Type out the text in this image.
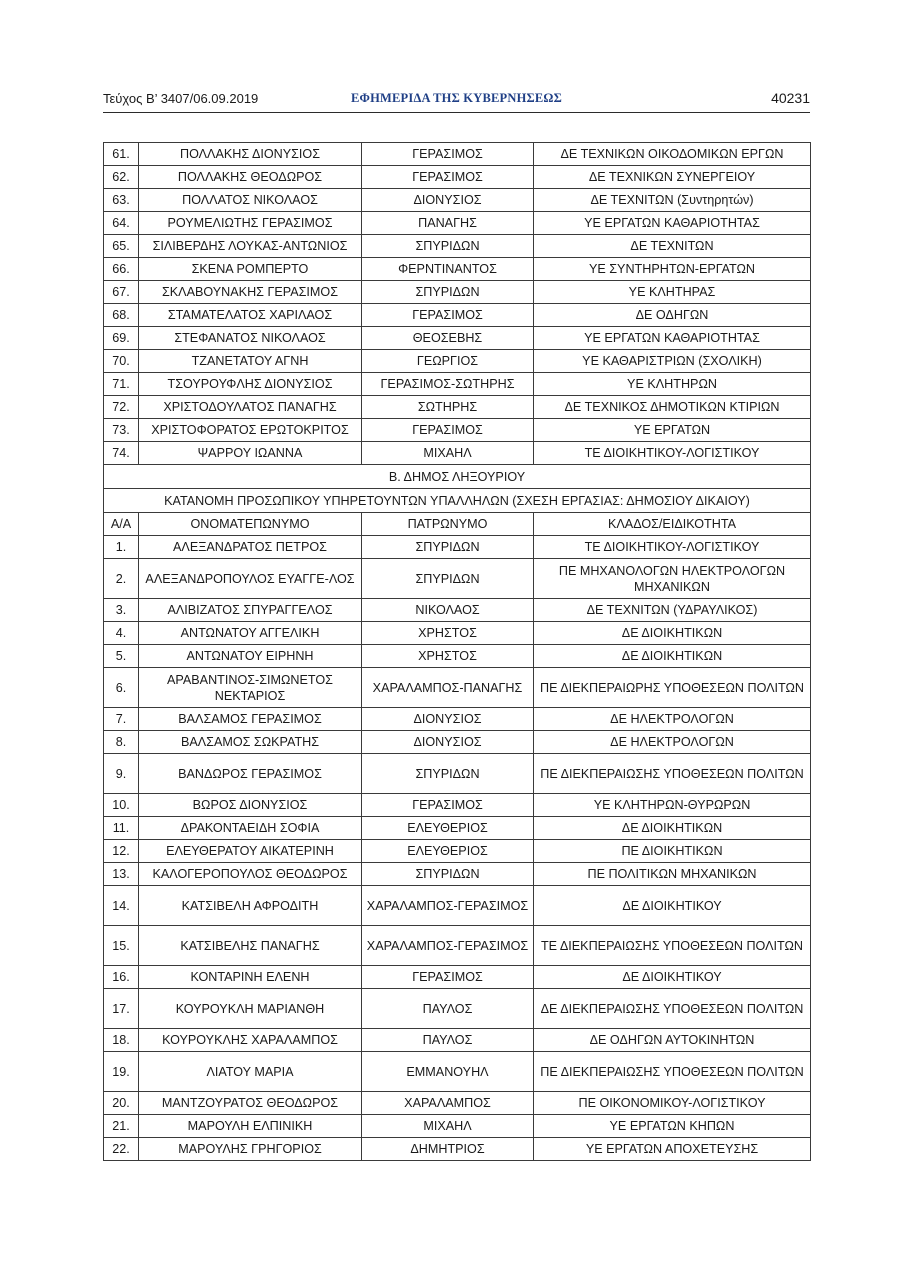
Τεύχος Β’ 3407/06.09.2019	ΕΦΗΜΕΡΙΔΑ ΤΗΣ ΚΥΒΕΡΝΗΣΕΩΣ	40231
61.	ΠΟΛΛΑΚΗΣ ΔΙΟΝΥΣΙΟΣ	ΓΕΡΑΣΙΜΟΣ	ΔΕ ΤΕΧΝΙΚΩΝ ΟΙΚΟΔΟΜΙΚΩΝ ΕΡΓΩΝ
62.	ΠΟΛΛΑΚΗΣ ΘΕΟΔΩΡΟΣ	ΓΕΡΑΣΙΜΟΣ	ΔΕ ΤΕΧΝΙΚΩΝ ΣΥΝΕΡΓΕΙΟΥ
63.	ΠΟΛΛΑΤΟΣ ΝΙΚΟΛΑΟΣ	ΔΙΟΝΥΣΙΟΣ	ΔΕ ΤΕΧΝΙΤΩΝ (Συντηρητών)
64.	ΡΟΥΜΕΛΙΩΤΗΣ ΓΕΡΑΣΙΜΟΣ	ΠΑΝΑΓΗΣ	ΥΕ ΕΡΓΑΤΩΝ ΚΑΘΑΡΙΟΤΗΤΑΣ
65.	ΣΙΛΙΒΕΡΔΗΣ ΛΟΥΚΑΣ-ΑΝΤΩΝΙΟΣ	ΣΠΥΡΙΔΩΝ	ΔΕ ΤΕΧΝΙΤΩΝ
66.	ΣΚΕΝΑ ΡΟΜΠΕΡΤΟ	ΦΕΡΝΤΙΝΑΝΤΟΣ	ΥΕ ΣΥΝΤΗΡΗΤΩΝ-ΕΡΓΑΤΩΝ
67.	ΣΚΛΑΒΟΥΝΑΚΗΣ ΓΕΡΑΣΙΜΟΣ	ΣΠΥΡΙΔΩΝ	ΥΕ ΚΛΗΤΗΡΑΣ
68.	ΣΤΑΜΑΤΕΛΑΤΟΣ ΧΑΡΙΛΑΟΣ	ΓΕΡΑΣΙΜΟΣ	ΔΕ ΟΔΗΓΩΝ
69.	ΣΤΕΦΑΝΑΤΟΣ ΝΙΚΟΛΑΟΣ	ΘΕΟΣΕΒΗΣ	ΥΕ ΕΡΓΑΤΩΝ ΚΑΘΑΡΙΟΤΗΤΑΣ
70.	ΤΖΑΝΕΤΑΤΟΥ ΑΓΝΗ	ΓΕΩΡΓΙΟΣ	ΥΕ ΚΑΘΑΡΙΣΤΡΙΩΝ (ΣΧΟΛΙΚΗ)
71.	ΤΣΟΥΡΟΥΦΛΗΣ ΔΙΟΝΥΣΙΟΣ	ΓΕΡΑΣΙΜΟΣ-ΣΩΤΗΡΗΣ	ΥΕ ΚΛΗΤΗΡΩΝ
72.	ΧΡΙΣΤΟΔΟΥΛΑΤΟΣ ΠΑΝΑΓΗΣ	ΣΩΤΗΡΗΣ	ΔΕ ΤΕΧΝΙΚΟΣ ΔΗΜΟΤΙΚΩΝ ΚΤΙΡΙΩΝ
73.	ΧΡΙΣΤΟΦΟΡΑΤΟΣ ΕΡΩΤΟΚΡΙΤΟΣ	ΓΕΡΑΣΙΜΟΣ	ΥΕ ΕΡΓΑΤΩΝ
74.	ΨΑΡΡΟΥ ΙΩΑΝΝΑ	ΜΙΧΑΗΛ	ΤΕ ΔΙΟΙΚΗΤΙΚΟΥ-ΛΟΓΙΣΤΙΚΟΥ
Β. ΔΗΜΟΣ ΛΗΞΟΥΡΙΟΥ			
ΚΑΤΑΝΟΜΗ ΠΡΟΣΩΠΙΚΟΥ ΥΠΗΡΕΤΟΥΝΤΩΝ ΥΠΑΛΛΗΛΩΝ (ΣΧΕΣΗ ΕΡΓΑΣΙΑΣ: ΔΗΜΟΣΙΟΥ ΔΙΚΑΙΟΥ)			
Α/Α	ΟΝΟΜΑΤΕΠΩΝΥΜΟ	ΠΑΤΡΩΝΥΜΟ	ΚΛΑΔΟΣ/ΕΙΔΙΚΟΤΗΤΑ
1.	ΑΛΕΞΑΝΔΡΑΤΟΣ ΠΕΤΡΟΣ	ΣΠΥΡΙΔΩΝ	ΤΕ ΔΙΟΙΚΗΤΙΚΟΥ-ΛΟΓΙΣΤΙΚΟΥ
2.	ΑΛΕΞΑΝΔΡΟΠΟΥΛΟΣ ΕΥΑΓΓΕ-ΛΟΣ	ΣΠΥΡΙΔΩΝ	ΠΕ ΜΗΧΑΝΟΛΟΓΩΝ ΗΛΕΚΤΡΟΛΟΓΩΝ ΜΗΧΑΝΙΚΩΝ
3.	ΑΛΙΒΙΖΑΤΟΣ ΣΠΥΡΑΓΓΕΛΟΣ	ΝΙΚΟΛΑΟΣ	ΔΕ ΤΕΧΝΙΤΩΝ (ΥΔΡΑΥΛΙΚΟΣ)
4.	ΑΝΤΩΝΑΤΟΥ ΑΓΓΕΛΙΚΗ	ΧΡΗΣΤΟΣ	ΔΕ ΔΙΟΙΚΗΤΙΚΩΝ
5.	ΑΝΤΩΝΑΤΟΥ ΕΙΡΗΝΗ	ΧΡΗΣΤΟΣ	ΔΕ ΔΙΟΙΚΗΤΙΚΩΝ
6.	ΑΡΑΒΑΝΤΙΝΟΣ-ΣΙΜΩΝΕΤΟΣ ΝΕΚΤΑΡΙΟΣ	ΧΑΡΑΛΑΜΠΟΣ-ΠΑΝΑΓΗΣ	ΠΕ ΔΙΕΚΠΕΡΑΙΩΡΗΣ ΥΠΟΘΕΣΕΩΝ ΠΟΛΙΤΩΝ
7.	ΒΑΛΣΑΜΟΣ ΓΕΡΑΣΙΜΟΣ	ΔΙΟΝΥΣΙΟΣ	ΔΕ ΗΛΕΚΤΡΟΛΟΓΩΝ
8.	ΒΑΛΣΑΜΟΣ ΣΩΚΡΑΤΗΣ	ΔΙΟΝΥΣΙΟΣ	ΔΕ ΗΛΕΚΤΡΟΛΟΓΩΝ
9.	ΒΑΝΔΩΡΟΣ ΓΕΡΑΣΙΜΟΣ	ΣΠΥΡΙΔΩΝ	ΠΕ ΔΙΕΚΠΕΡΑΙΩΣΗΣ ΥΠΟΘΕΣΕΩΝ ΠΟΛΙΤΩΝ
10.	ΒΩΡΟΣ ΔΙΟΝΥΣΙΟΣ	ΓΕΡΑΣΙΜΟΣ	ΥΕ ΚΛΗΤΗΡΩΝ-ΘΥΡΩΡΩΝ
11.	ΔΡΑΚΟΝΤΑΕΙΔΗ ΣΟΦΙΑ	ΕΛΕΥΘΕΡΙΟΣ	ΔΕ ΔΙΟΙΚΗΤΙΚΩΝ
12.	ΕΛΕΥΘΕΡΑΤΟΥ ΑΙΚΑΤΕΡΙΝΗ	ΕΛΕΥΘΕΡΙΟΣ	ΠΕ ΔΙΟΙΚΗΤΙΚΩΝ
13.	ΚΑΛΟΓΕΡΟΠΟΥΛΟΣ ΘΕΟΔΩΡΟΣ	ΣΠΥΡΙΔΩΝ	ΠΕ ΠΟΛΙΤΙΚΩΝ ΜΗΧΑΝΙΚΩΝ
14.	ΚΑΤΣΙΒΕΛΗ ΑΦΡΟΔΙΤΗ	ΧΑΡΑΛΑΜΠΟΣ-ΓΕΡΑΣΙΜΟΣ	ΔΕ ΔΙΟΙΚΗΤΙΚΟΥ
15.	ΚΑΤΣΙΒΕΛΗΣ ΠΑΝΑΓΗΣ	ΧΑΡΑΛΑΜΠΟΣ-ΓΕΡΑΣΙΜΟΣ	ΤΕ ΔΙΕΚΠΕΡΑΙΩΣΗΣ ΥΠΟΘΕΣΕΩΝ ΠΟΛΙΤΩΝ
16.	ΚΟΝΤΑΡΙΝΗ ΕΛΕΝΗ	ΓΕΡΑΣΙΜΟΣ	ΔΕ ΔΙΟΙΚΗΤΙΚΟΥ
17.	ΚΟΥΡΟΥΚΛΗ ΜΑΡΙΑΝΘΗ	ΠΑΥΛΟΣ	ΔΕ ΔΙΕΚΠΕΡΑΙΩΣΗΣ ΥΠΟΘΕΣΕΩΝ ΠΟΛΙΤΩΝ
18.	ΚΟΥΡΟΥΚΛΗΣ ΧΑΡΑΛΑΜΠΟΣ	ΠΑΥΛΟΣ	ΔΕ ΟΔΗΓΩΝ ΑΥΤΟΚΙΝΗΤΩΝ
19.	ΛΙΑΤΟΥ ΜΑΡΙΑ	ΕΜΜΑΝΟΥΗΛ	ΠΕ ΔΙΕΚΠΕΡΑΙΩΣΗΣ ΥΠΟΘΕΣΕΩΝ ΠΟΛΙΤΩΝ
20.	ΜΑΝΤΖΟΥΡΑΤΟΣ ΘΕΟΔΩΡΟΣ	ΧΑΡΑΛΑΜΠΟΣ	ΠΕ ΟΙΚΟΝΟΜΙΚΟΥ-ΛΟΓΙΣΤΙΚΟΥ
21.	ΜΑΡΟΥΛΗ ΕΛΠΙΝΙΚΗ	ΜΙΧΑΗΛ	ΥΕ ΕΡΓΑΤΩΝ ΚΗΠΩΝ
22.	ΜΑΡΟΥΛΗΣ ΓΡΗΓΟΡΙΟΣ	ΔΗΜΗΤΡΙΟΣ	ΥΕ ΕΡΓΑΤΩΝ ΑΠΟΧΕΤΕΥΣΗΣ
